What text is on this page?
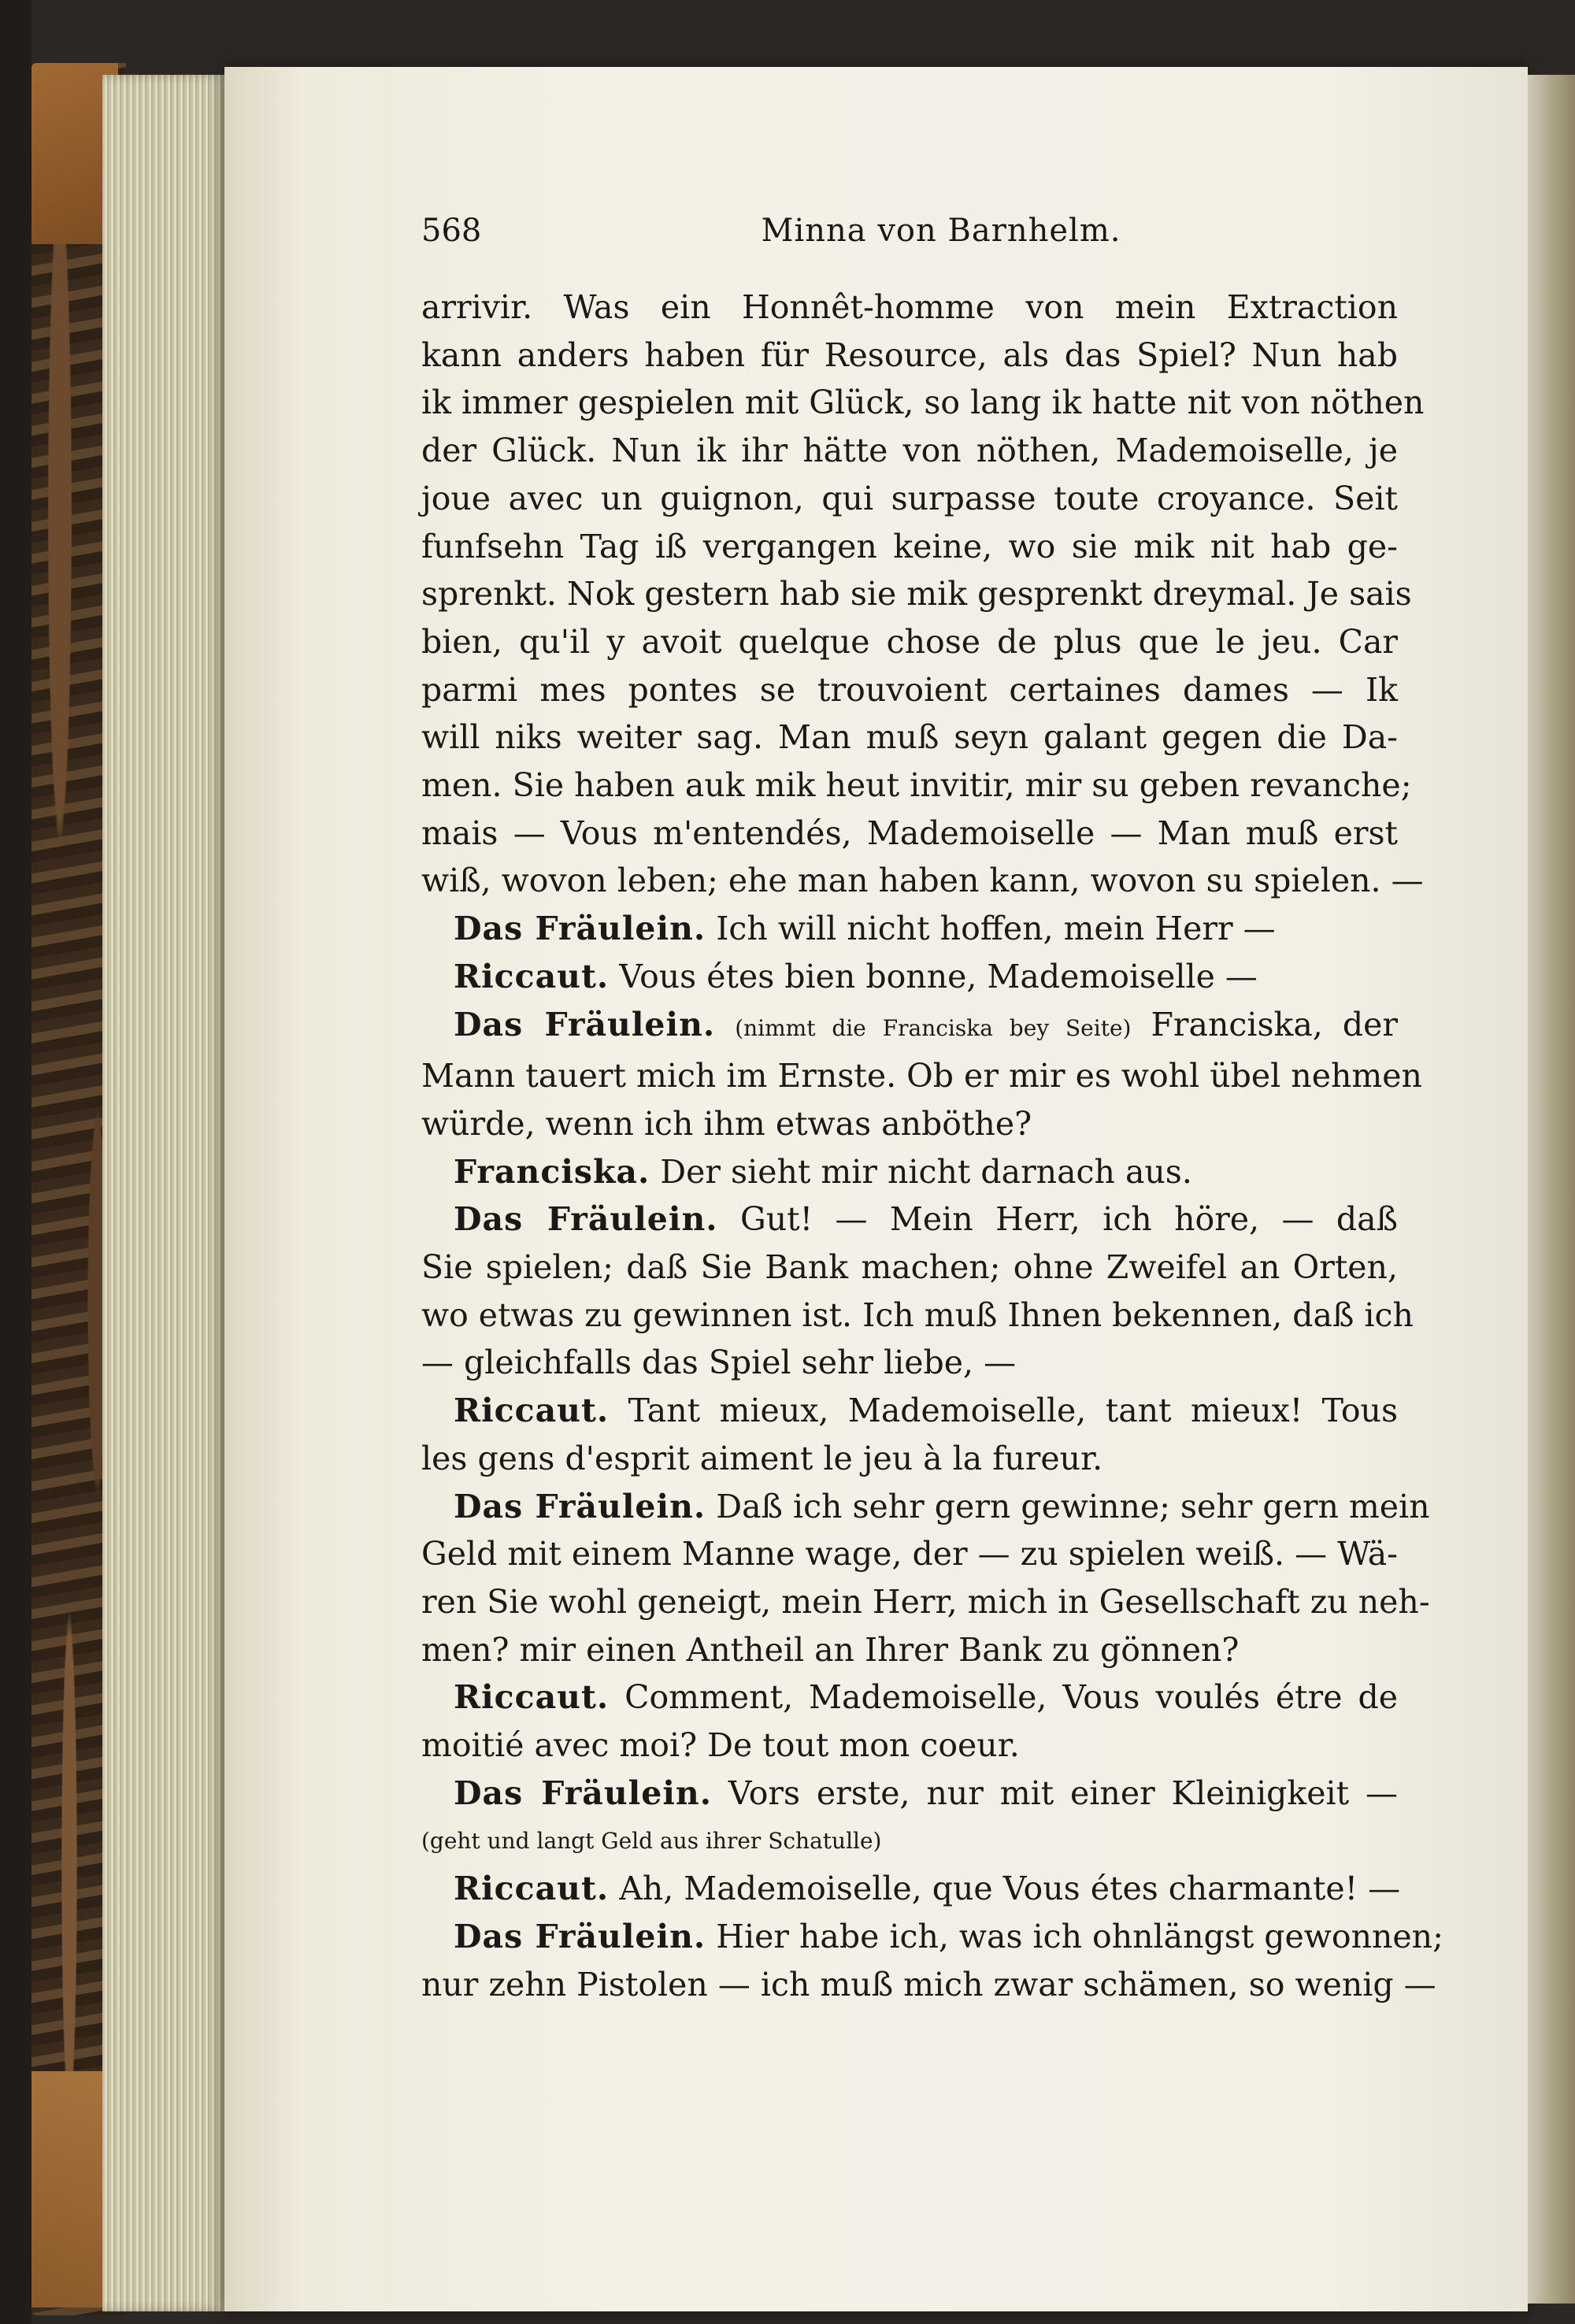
568	Minna von Barnhelm.
arrivir. Was ein Honnêt-homme von mein Extraction
kann anders haben für Resource, als das Spiel? Nun hab
ik immer gespielen mit Glück, so lang ik hatte nit von nöthen
der Glück. Nun ik ihr hätte von nöthen, Mademoiselle, je
joue avec un guignon, qui surpasse toute croyance. Seit
funfsehn Tag iß vergangen keine, wo sie mik nit hab ge-
sprenkt. Nok gestern hab sie mik gesprenkt dreymal. Je sais
bien, qu'il y avoit quelque chose de plus que le jeu. Car
parmi mes pontes se trouvoient certaines dames — Ik
will niks weiter sag. Man muß seyn galant gegen die Da-
men. Sie haben auk mik heut invitir, mir su geben revanche;
mais — Vous m'entendés, Mademoiselle — Man muß erst
wiß, wovon leben; ehe man haben kann, wovon su spielen. —
 Das Fräulein. Ich will nicht hoffen, mein Herr —
 Riccaut. Vous étes bien bonne, Mademoiselle —
 Das Fräulein. (nimmt die Franciska bey Seite) Franciska, der
Mann tauert mich im Ernste. Ob er mir es wohl übel nehmen
würde, wenn ich ihm etwas anböthe?
 Franciska. Der sieht mir nicht darnach aus.
 Das Fräulein. Gut! — Mein Herr, ich höre, — daß
Sie spielen; daß Sie Bank machen; ohne Zweifel an Orten,
wo etwas zu gewinnen ist. Ich muß Ihnen bekennen, daß ich
— gleichfalls das Spiel sehr liebe, —
 Riccaut. Tant mieux, Mademoiselle, tant mieux! Tous
les gens d'esprit aiment le jeu à la fureur.
 Das Fräulein. Daß ich sehr gern gewinne; sehr gern mein
Geld mit einem Manne wage, der — zu spielen weiß. — Wä-
ren Sie wohl geneigt, mein Herr, mich in Gesellschaft zu neh-
men? mir einen Antheil an Ihrer Bank zu gönnen?
 Riccaut. Comment, Mademoiselle, Vous voulés étre de
moitié avec moi? De tout mon coeur.
 Das Fräulein. Vors erste, nur mit einer Kleinigkeit —
(geht und langt Geld aus ihrer Schatulle)
 Riccaut. Ah, Mademoiselle, que Vous étes charmante! —
 Das Fräulein. Hier habe ich, was ich ohnlängst gewonnen;
nur zehn Pistolen — ich muß mich zwar schämen, so wenig —
